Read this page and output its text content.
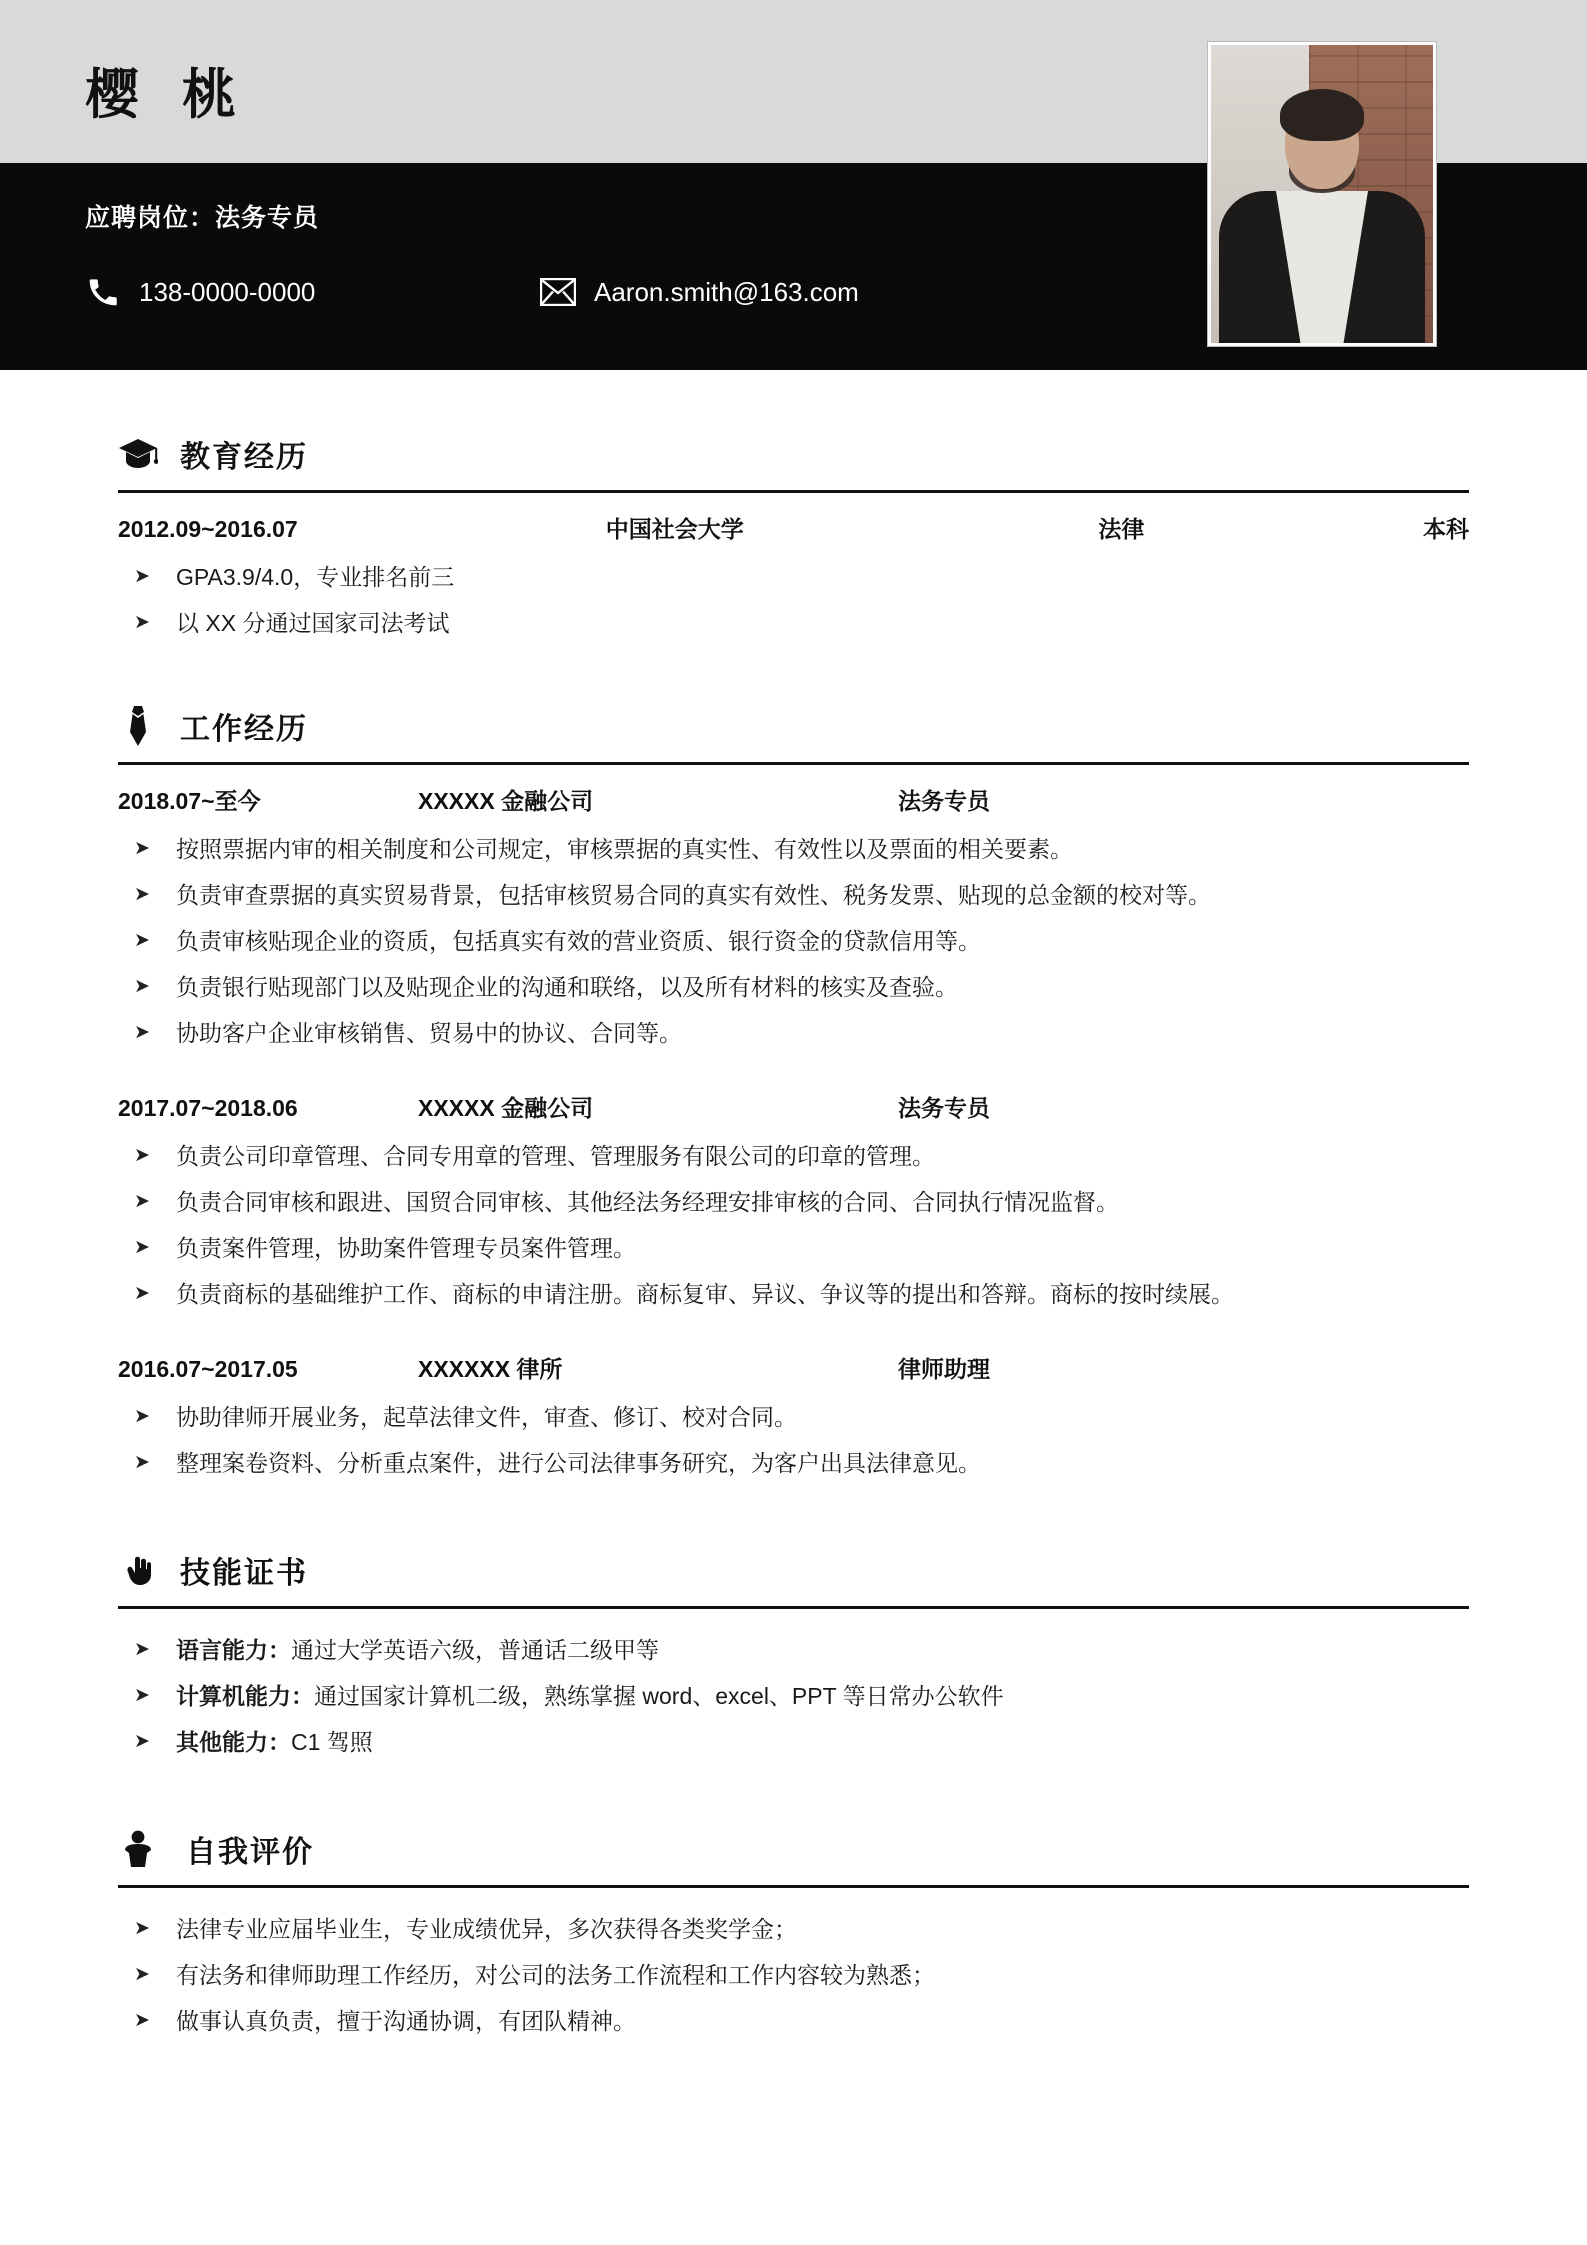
樱 桃
应聘岗位：法务专员
138-0000-0000	Aaron.smith@163.com
教育经历
2012.09~2016.07	中国社会大学	法律	本科
➤ GPA3.9/4.0，专业排名前三
➤ 以 XX 分通过国家司法考试
工作经历
2018.07~至今	XXXXX 金融公司	法务专员
➤ 按照票据内审的相关制度和公司规定，审核票据的真实性、有效性以及票面的相关要素。
➤ 负责审查票据的真实贸易背景，包括审核贸易合同的真实有效性、税务发票、贴现的总金额的校对等。
➤ 负责审核贴现企业的资质，包括真实有效的营业资质、银行资金的贷款信用等。
➤ 负责银行贴现部门以及贴现企业的沟通和联络，以及所有材料的核实及查验。
➤ 协助客户企业审核销售、贸易中的协议、合同等。
2017.07~2018.06	XXXXX 金融公司	法务专员
➤ 负责公司印章管理、合同专用章的管理、管理服务有限公司的印章的管理。
➤ 负责合同审核和跟进、国贸合同审核、其他经法务经理安排审核的合同、合同执行情况监督。
➤ 负责案件管理，协助案件管理专员案件管理。
➤ 负责商标的基础维护工作、商标的申请注册。商标复审、异议、争议等的提出和答辩。商标的按时续展。
2016.07~2017.05	XXXXXX 律所	律师助理
➤ 协助律师开展业务，起草法律文件，审查、修订、校对合同。
➤ 整理案卷资料、分析重点案件，进行公司法律事务研究，为客户出具法律意见。
技能证书
➤ 语言能力：通过大学英语六级，普通话二级甲等
➤ 计算机能力：通过国家计算机二级，熟练掌握 word、excel、PPT 等日常办公软件
➤ 其他能力：C1 驾照
自我评价
➤ 法律专业应届毕业生，专业成绩优异，多次获得各类奖学金；
➤ 有法务和律师助理工作经历，对公司的法务工作流程和工作内容较为熟悉；
➤ 做事认真负责，擅于沟通协调，有团队精神。
